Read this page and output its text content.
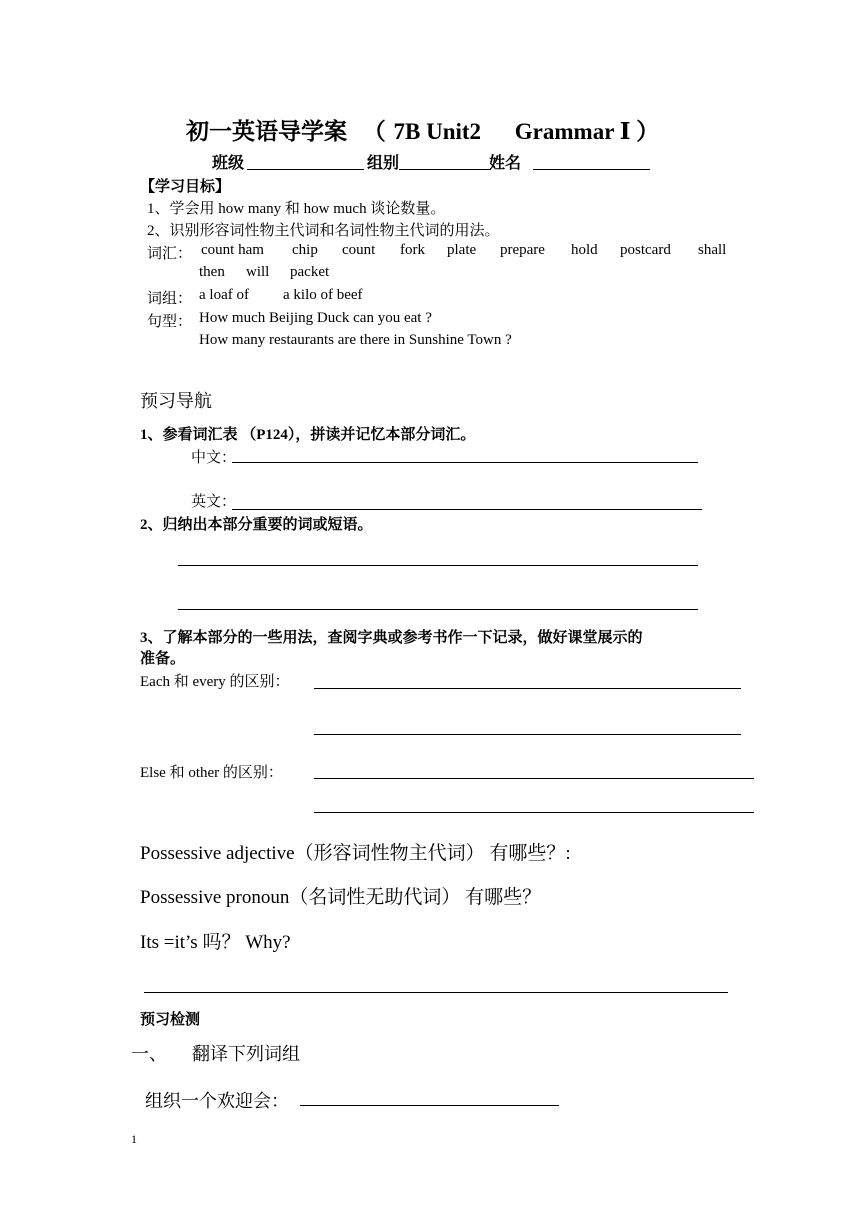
初一英语导学案 （ 7B Unit2 Grammar Ⅰ ）
班级	组别	姓名
【学习目标】
1、学会用 how many 和 how much 谈论数量。
2、识别形容词性物主代词和名词性物主代词的用法。
词汇： count ham chip count fork plate prepare hold postcard shall
then will packet
词组： a loaf of a kilo of beef
句型： How much Beijing Duck can you eat ?
How many restaurants are there in Sunshine Town ?
预习导航
1、参看词汇表 （P124），拼读并记忆本部分词汇。
中文：
英文：
2、归纳出本部分重要的词或短语。
3、了解本部分的一些用法，查阅字典或参考书作一下记录，做好课堂展示的
准备。
Each 和 every 的区别：
Else 和 other 的区别：
Possessive adjective（形容词性物主代词） 有哪些？:
Possessive pronoun（名词性无助代词） 有哪些？
Its =it’s 吗？ Why?
预习检测
一、 翻译下列词组
组织一个欢迎会：
1
